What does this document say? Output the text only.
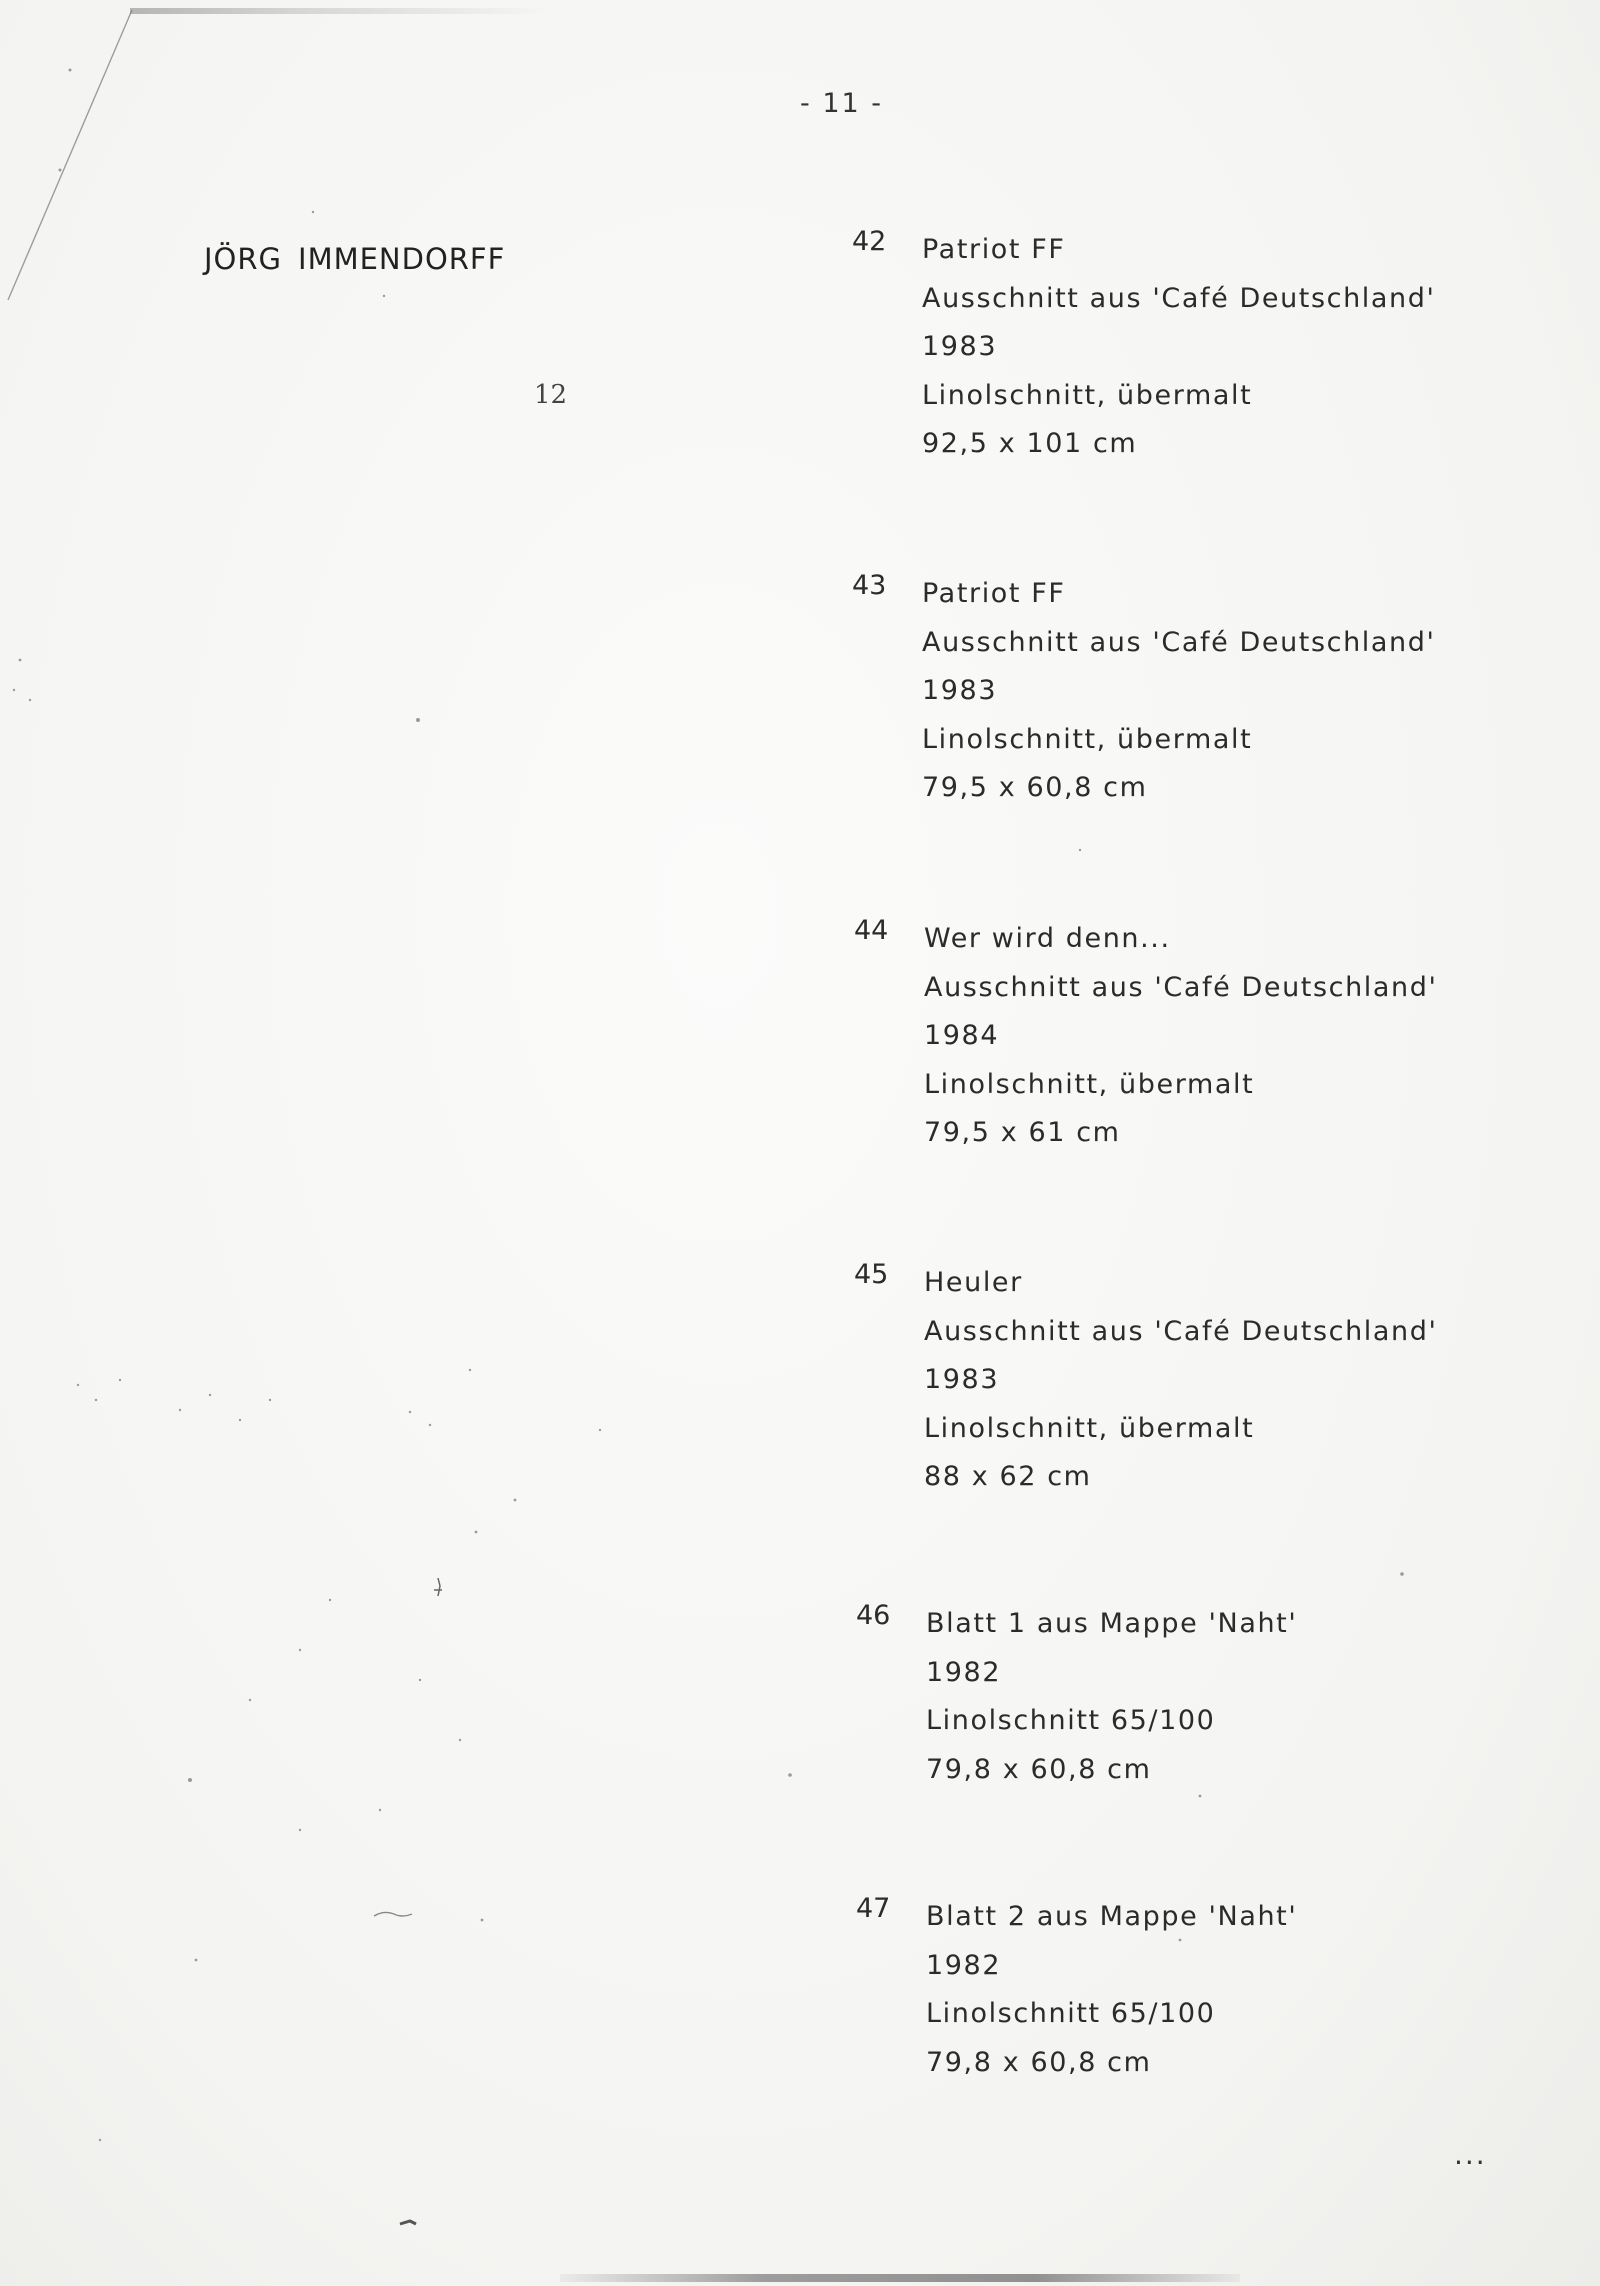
- 11 -
JÖRG IMMENDORFF
12
42 Patriot FF
Ausschnitt aus 'Café Deutschland'
1983
Linolschnitt, übermalt
92,5 x 101 cm
43 Patriot FF
Ausschnitt aus 'Café Deutschland'
1983
Linolschnitt, übermalt
79,5 x 60,8 cm
44 Wer wird denn...
Ausschnitt aus 'Café Deutschland'
1984
Linolschnitt, übermalt
79,5 x 61 cm
45 Heuler
Ausschnitt aus 'Café Deutschland'
1983
Linolschnitt, übermalt
88 x 62 cm
46 Blatt 1 aus Mappe 'Naht'
1982
Linolschnitt 65/100
79,8 x 60,8 cm
47 Blatt 2 aus Mappe 'Naht'
1982
Linolschnitt 65/100
79,8 x 60,8 cm
...
